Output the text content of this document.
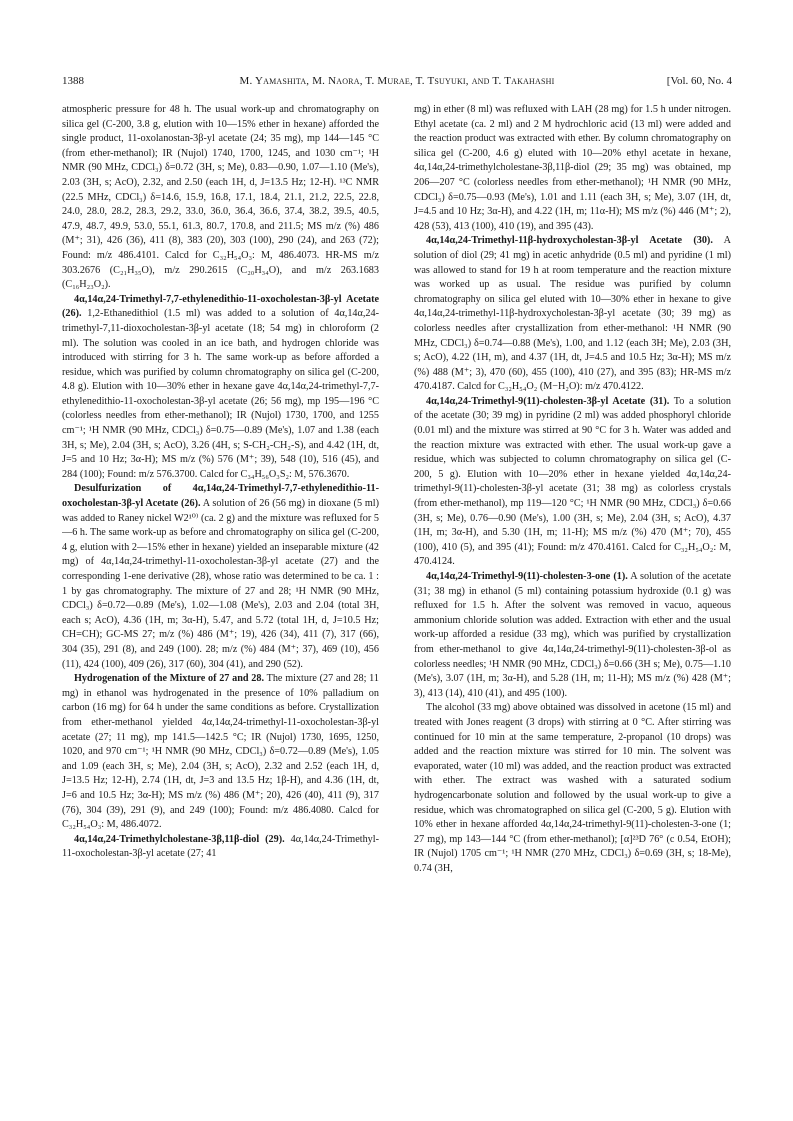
1388	M. Yamashita, M. Naora, T. Murae, T. Tsuyuki, and T. Takahashi	[Vol. 60, No. 4

atmospheric pressure for 48 h. The usual work-up and chromatography on silica gel (C-200, 3.8 g, elution with 10—15% ether in hexane) afforded the single product, 11-oxolanostan-3β-yl acetate (24; 35 mg), mp 144—145 °C (from ether-methanol); IR (Nujol) 1740, 1700, 1245, and 1030 cm⁻¹; ¹H NMR (90 MHz, CDCl₃) δ=0.72 (3H, s; Me), 0.83—0.90, 1.07—1.10 (Me's), 2.03 (3H, s; AcO), 2.32, and 2.50 (each 1H, d, J=13.5 Hz; 12-H). ¹³C NMR (22.5 MHz, CDCl₃) δ=14.6, 15.9, 16.8, 17.1, 18.4, 21.1, 21.2, 22.5, 22.8, 24.0, 28.0, 28.2, 28.3, 29.2, 33.0, 36.0, 36.4, 36.6, 37.4, 38.2, 39.5, 40.5, 47.9, 48.7, 49.9, 53.0, 55.1, 61.3, 80.7, 170.8, and 211.5; MS m/z (%) 486 (M⁺; 31), 426 (36), 411 (8), 383 (20), 303 (100), 290 (24), and 263 (72); Found: m/z 486.4101. Calcd for C₃₂H₅₄O₃: M, 486.4073. HR-MS m/z 303.2676 (C₂₁H₃₅O), m/z 290.2615 (C₂₀H₃₄O), and m/z 263.1683 (C₁₆H₂₃O₂).

4α,14α,24-Trimethyl-7,7-ethylenedithio-11-oxocholestan-3β-yl Acetate (26). 1,2-Ethanedithiol (1.5 ml) was added to a solution of 4α,14α,24-trimethyl-7,11-dioxocholestan-3β-yl acetate (18; 54 mg) in chloroform (2 ml). The solution was cooled in an ice bath, and hydrogen chloride was introduced with stirring for 3 h. The same work-up as before afforded a residue, which was purified by column chromatography on silica gel (C-200, 4.8 g). Elution with 10—30% ether in hexane gave 4α,14α,24-trimethyl-7,7-ethylenedithio-11-oxocholestan-3β-yl acetate (26; 56 mg), mp 195—196 °C (colorless needles from ether-methanol); IR (Nujol) 1730, 1700, and 1255 cm⁻¹; ¹H NMR (90 MHz, CDCl₃) δ=0.75—0.89 (Me's), 1.07 and 1.38 (each 3H, s; Me), 2.04 (3H, s; AcO), 3.26 (4H, s; S-CH₂-CH₂-S), and 4.42 (1H, dt, J=5 and 10 Hz; 3α-H); MS m/z (%) 576 (M⁺; 39), 548 (10), 516 (45), and 284 (100); Found: m/z 576.3700. Calcd for C₃₄H₅₆O₃S₂: M, 576.3670.

Desulfurization of 4α,14α,24-Trimethyl-7,7-ethylenedithio-11-oxocholestan-3β-yl Acetate (26). A solution of 26 (56 mg) in dioxane (5 ml) was added to Raney nickel W2¹⁰⁾ (ca. 2 g) and the mixture was refluxed for 5—6 h. The same work-up as before and chromatography on silica gel (C-200, 4 g, elution with 2—15% ether in hexane) yielded an inseparable mixture (42 mg) of 4α,14α,24-trimethyl-11-oxocholestan-3β-yl acetate (27) and the corresponding 1-ene derivative (28), whose ratio was determined to be ca. 1 : 1 by gas chromatography. The mixture of 27 and 28; ¹H NMR (90 MHz, CDCl₃) δ=0.72—0.89 (Me's), 1.02—1.08 (Me's), 2.03 and 2.04 (total 3H, each s; AcO), 4.36 (1H, m; 3α-H), 5.47, and 5.72 (total 1H, d, J=10.5 Hz; CH=CH); GC-MS 27; m/z (%) 486 (M⁺; 19), 426 (34), 411 (7), 317 (66), 304 (35), 291 (8), and 249 (100). 28; m/z (%) 484 (M⁺; 37), 469 (10), 456 (11), 424 (100), 409 (26), 317 (60), 304 (41), and 290 (52).

Hydrogenation of the Mixture of 27 and 28. The mixture (27 and 28; 11 mg) in ethanol was hydrogenated in the presence of 10% palladium on carbon (16 mg) for 64 h under the same conditions as before. Crystallization from ether-methanol yielded 4α,14α,24-trimethyl-11-oxocholestan-3β-yl acetate (27; 11 mg), mp 141.5—142.5 °C; IR (Nujol) 1730, 1695, 1250, 1020, and 970 cm⁻¹; ¹H NMR (90 MHz, CDCl₃) δ=0.72—0.89 (Me's), 1.05 and 1.09 (each 3H, s; Me), 2.04 (3H, s; AcO), 2.32 and 2.52 (each 1H, d, J=13.5 Hz; 12-H), 2.74 (1H, dt, J=3 and 13.5 Hz; 1β-H), and 4.36 (1H, dt, J=6 and 10.5 Hz; 3α-H); MS m/z (%) 486 (M⁺; 20), 426 (40), 411 (9), 317 (76), 304 (39), 291 (9), and 249 (100); Found: m/z 486.4080. Calcd for C₃₂H₅₄O₃: M, 486.4072.

4α,14α,24-Trimethylcholestane-3β,11β-diol (29). 4α,14α,24-Trimethyl-11-oxocholestan-3β-yl acetate (27; 41

mg) in ether (8 ml) was refluxed with LAH (28 mg) for 1.5 h under nitrogen. Ethyl acetate (ca. 2 ml) and 2 M hydrochloric acid (13 ml) were added and the reaction product was extracted with ether. By column chromatography on silica gel (C-200, 4.6 g) eluted with 10—20% ethyl acetate in hexane, 4α,14α,24-trimethylcholestane-3β,11β-diol (29; 35 mg) was obtained, mp 206—207 °C (colorless needles from ether-methanol); ¹H NMR (90 MHz, CDCl₃) δ=0.75—0.93 (Me's), 1.01 and 1.11 (each 3H, s; Me), 3.07 (1H, dt, J=4.5 and 10 Hz; 3α-H), and 4.22 (1H, m; 11α-H); MS m/z (%) 446 (M⁺; 2), 428 (53), 413 (100), 410 (19), and 395 (43).

4α,14α,24-Trimethyl-11β-hydroxycholestan-3β-yl Acetate (30). A solution of diol (29; 41 mg) in acetic anhydride (0.5 ml) and pyridine (1 ml) was allowed to stand for 19 h at room temperature and the reaction mixture was worked up as usual. The residue was purified by column chromatography on silica gel eluted with 10—30% ether in hexane to give 4α,14α,24-trimethyl-11β-hydroxycholestan-3β-yl acetate (30; 39 mg) as colorless needles after crystallization from ether-methanol: ¹H NMR (90 MHz, CDCl₃) δ=0.74—0.88 (Me's), 1.00, and 1.12 (each 3H; Me), 2.03 (3H, s; AcO), 4.22 (1H, m), and 4.37 (1H, dt, J=4.5 and 10.5 Hz; 3α-H); MS m/z (%) 488 (M⁺; 3), 470 (60), 455 (100), 410 (27), and 395 (83); HR-MS m/z 470.4187. Calcd for C₃₂H₅₄O₂ (M−H₂O): m/z 470.4122.

4α,14α,24-Trimethyl-9(11)-cholesten-3β-yl Acetate (31). To a solution of the acetate (30; 39 mg) in pyridine (2 ml) was added phosphoryl chloride (0.01 ml) and the mixture was stirred at 90 °C for 3 h. Water was added and the reaction mixture was extracted with ether. The usual work-up gave a residue, which was subjected to column chromatography on silica gel (C-200, 5 g). Elution with 10—20% ether in hexane yielded 4α,14α,24-trimethyl-9(11)-cholesten-3β-yl acetate (31; 38 mg) as colorless crystals (from ether-methanol), mp 119—120 °C; ¹H NMR (90 MHz, CDCl₃) δ=0.66 (3H, s; Me), 0.76—0.90 (Me's), 1.00 (3H, s; Me), 2.04 (3H, s; AcO), 4.37 (1H, m; 3α-H), and 5.30 (1H, m; 11-H); MS m/z (%) 470 (M⁺; 70), 455 (100), 410 (5), and 395 (41); Found: m/z 470.4161. Calcd for C₃₂H₅₄O₂: M, 470.4124.

4α,14α,24-Trimethyl-9(11)-cholesten-3-one (1). A solution of the acetate (31; 38 mg) in ethanol (5 ml) containing potassium hydroxide (0.1 g) was refluxed for 1.5 h. After the solvent was removed in vacuo, aqueous ammonium chloride solution was added. Extraction with ether and the usual work-up afforded a residue (33 mg), which was purified by crystallization from ether-methanol to give 4α,14α,24-trimethyl-9(11)-cholesten-3β-ol as colorless needles; ¹H NMR (90 MHz, CDCl₃) δ=0.66 (3H s; Me), 0.75—1.10 (Me's), 3.07 (1H, m; 3α-H), and 5.28 (1H, m; 11-H); MS m/z (%) 428 (M⁺; 3), 413 (14), 410 (41), and 495 (100).

The alcohol (33 mg) above obtained was dissolved in acetone (15 ml) and treated with Jones reagent (3 drops) with stirring at 0 °C. After stirring was continued for 10 min at the same temperature, 2-propanol (10 drops) was added and the reaction mixture was stirred for 10 min. The solvent was evaporated, water (10 ml) was added, and the reaction product was extracted with ether. The extract was washed with a saturated sodium hydrogencarbonate solution and followed by the usual work-up to give a residue, which was chromatographed on silica gel (C-200, 5 g). Elution with 10% ether in hexane afforded 4α,14α,24-trimethyl-9(11)-cholesten-3-one (1; 27 mg), mp 143—144 °C (from ether-methanol); [α]²³D 76° (c 0.54, EtOH); IR (Nujol) 1705 cm⁻¹; ¹H NMR (270 MHz, CDCl₃) δ=0.69 (3H, s; 18-Me), 0.74 (3H,
